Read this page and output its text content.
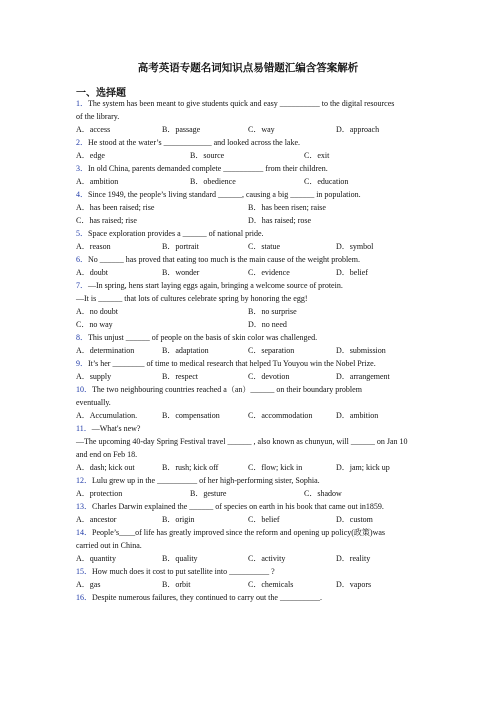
高考英语专题名词知识点易错题汇编含答案解析
一、选择题
1．The system has been meant to give students quick and easy __________ to the digital resources
of the library.
A．access	B．passage	C．way	D．approach
2．He stood at the water’s ____________ and looked across the lake.
A．edge	B．source	C．exit
3．In old China, parents demanded complete __________ from their children.
A．ambition	B．obedience	C．education
4．Since 1949, the people’s living standard ______, causing a big ______ in population.
A．has been raised; rise	B．has been risen; raise
C．has raised; rise	D．has raised; rose
5．Space exploration provides a ______ of national pride.
A．reason	B．portrait	C．statue	D．symbol
6．No ______ has proved that eating too much is the main cause of the weight problem.
A．doubt	B．wonder	C．evidence	D．belief
7．—In spring, hens start laying eggs again, bringing a welcome source of protein.
—It is ______ that lots of cultures celebrate spring by honoring the egg!
A．no doubt	B．no surprise
C．no way	D．no need
8．This unjust ______ of people on the basis of skin color was challenged.
A．determination	B．adaptation	C．separation	D．submission
9．It’s her ________ of time to medical research that helped Tu Youyou win the Nobel Prize.
A．supply	B．respect	C．devotion	D．arrangement
10．The two neighbouring countries reached a（an）______ on their boundary problem
eventually.
A．Accumulation.	B．compensation	C．accommodation	D．ambition
11．—What's new?
—The upcoming 40-day Spring Festival travel ______ , also known as chunyun, will ______ on Jan 10
and end on Feb 18.
A．dash; kick out	B．rush; kick off	C．flow; kick in	D．jam; kick up
12．Lulu grew up in the __________ of her high-performing sister, Sophia.
A．protection	B．gesture	C．shadow
13．Charles Darwin explained the ______ of species on earth in his book that came out in1859.
A．ancestor	B．origin	C．belief	D．custom
14．People’s____of life has greatly improved since the reform and opening up policy(政策)was
carried out in China.
A．quantity	B．quality	C．activity	D．reality
15．How much does it cost to put satellite into __________ ?
A．gas	B．orbit	C．chemicals	D．vapors
16．Despite numerous failures, they continued to carry out the __________.
